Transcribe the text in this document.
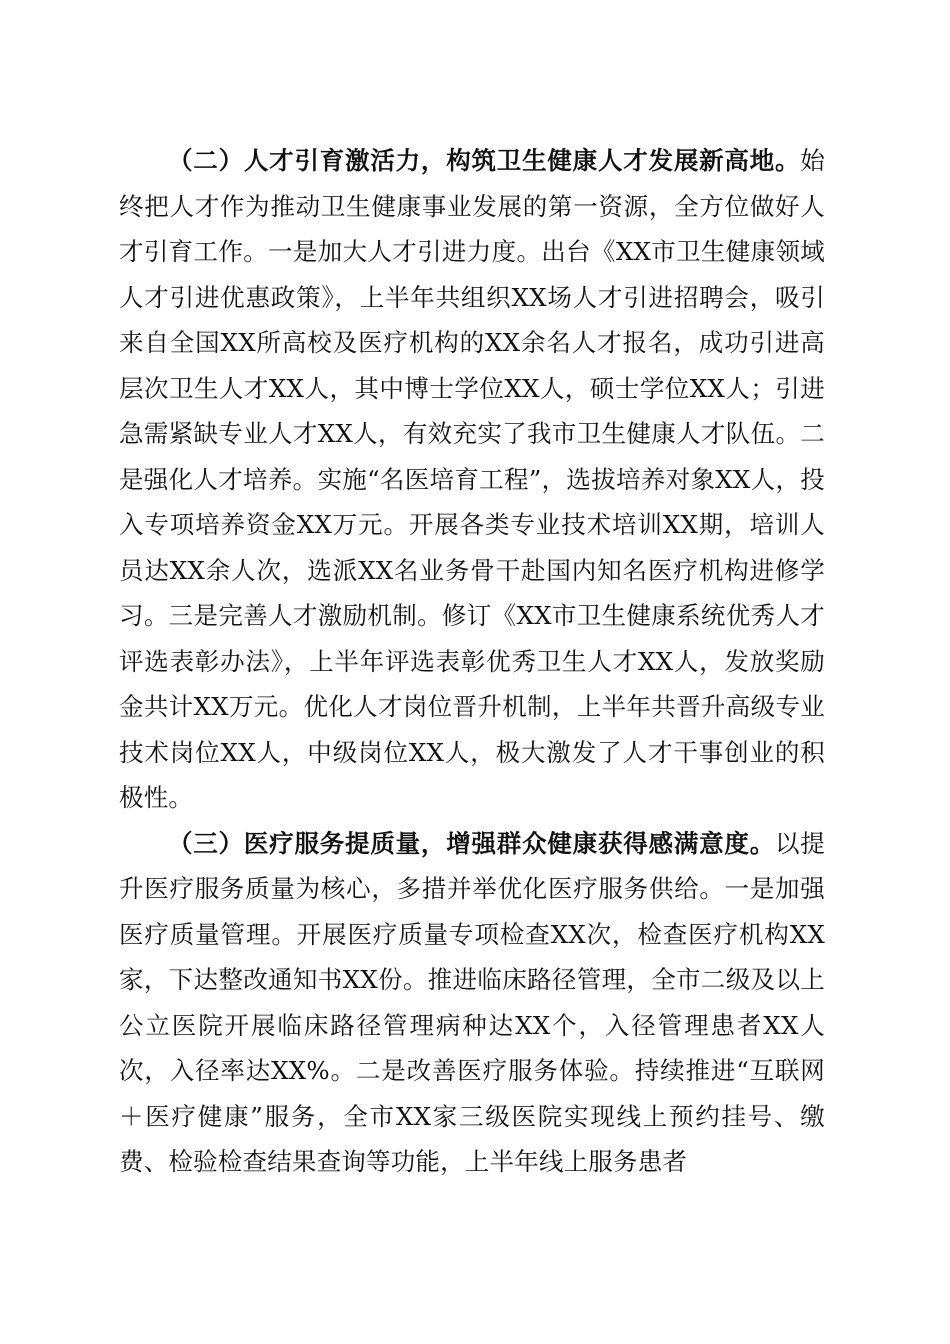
（二）人才引育激活力，构筑卫生健康人才发展新高地。始终把人才作为推动卫生健康事业发展的第一资源，全方位做好人才引育工作。一是加大人才引进力度。出台《XX市卫生健康领域人才引进优惠政策》，上半年共组织XX场人才引进招聘会，吸引来自全国XX所高校及医疗机构的XX余名人才报名，成功引进高层次卫生人才XX人，其中博士学位XX人，硕士学位XX人；引进急需紧缺专业人才XX人，有效充实了我市卫生健康人才队伍。二是强化人才培养。实施“名医培育工程”，选拔培养对象XX人，投入专项培养资金XX万元。开展各类专业技术培训XX期，培训人员达XX余人次，选派XX名业务骨干赴国内知名医疗机构进修学习。三是完善人才激励机制。修订《XX市卫生健康系统优秀人才评选表彰办法》，上半年评选表彰优秀卫生人才XX人，发放奖励金共计XX万元。优化人才岗位晋升机制，上半年共晋升高级专业技术岗位XX人，中级岗位XX人，极大激发了人才干事创业的积极性。

（三）医疗服务提质量，增强群众健康获得感满意度。以提升医疗服务质量为核心，多措并举优化医疗服务供给。一是加强医疗质量管理。开展医疗质量专项检查XX次，检查医疗机构XX家，下达整改通知书XX份。推进临床路径管理，全市二级及以上公立医院开展临床路径管理病种达XX个，入径管理患者XX人次，入径率达XX%。二是改善医疗服务体验。持续推进“互联网＋医疗健康”服务，全市XX家三级医院实现线上预约挂号、缴费、检验检查结果查询等功能，上半年线上服务患者
